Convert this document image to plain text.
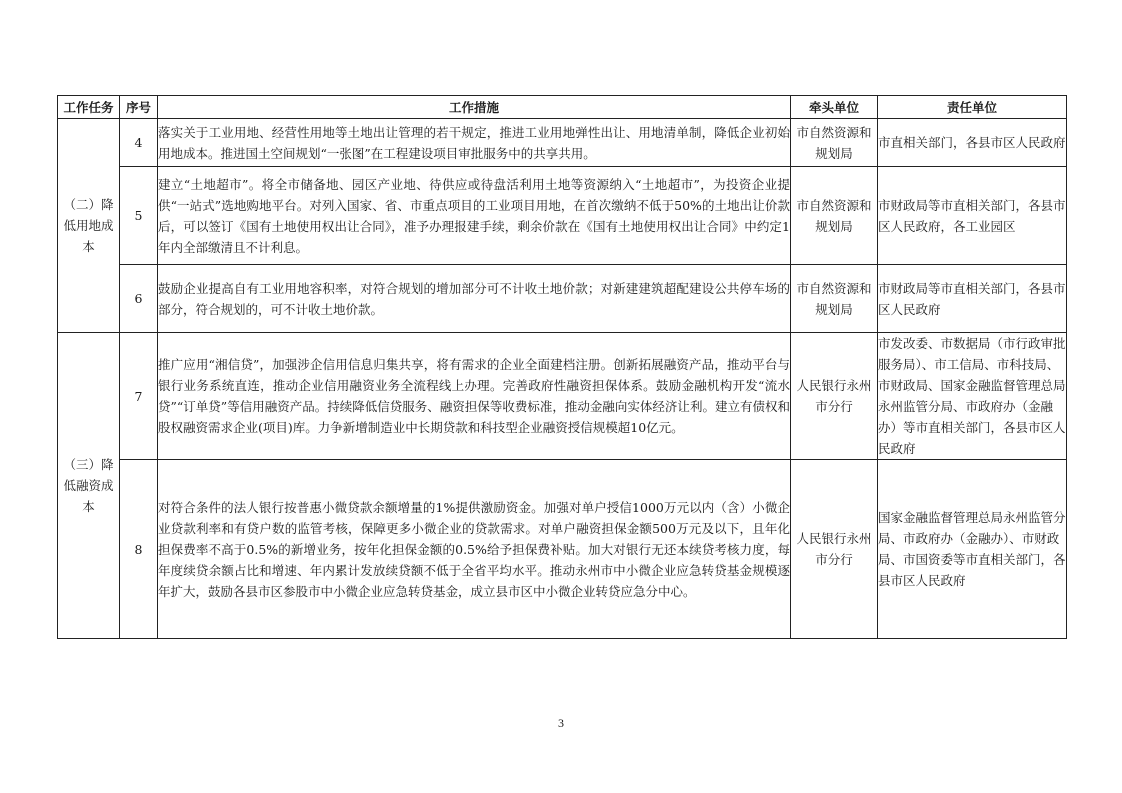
工作任务	序号	工作措施	牵头单位	责任单位
（二）降低用地成本	4	落实关于工业用地、经营性用地等土地出让管理的若干规定，推进工业用地弹性出让、用地清单制，降低企业初始用地成本。推进国土空间规划“一张图”在工程建设项目审批服务中的共享共用。	市自然资源和规划局	市直相关部门，各县市区人民政府
	5	建立“土地超市”。将全市储备地、园区产业地、待供应或待盘活利用土地等资源纳入“土地超市”，为投资企业提供“一站式”选地购地平台。对列入国家、省、市重点项目的工业项目用地，在首次缴纳不低于50%的土地出让价款后，可以签订《国有土地使用权出让合同》，准予办理报建手续，剩余价款在《国有土地使用权出让合同》中约定1年内全部缴清且不计利息。	市自然资源和规划局	市财政局等市直相关部门，各县市区人民政府，各工业园区
	6	鼓励企业提高自有工业用地容积率，对符合规划的增加部分可不计收土地价款；对新建建筑超配建设公共停车场的部分，符合规划的，可不计收土地价款。	市自然资源和规划局	市财政局等市直相关部门，各县市区人民政府
（三）降低融资成本	7	推广应用“湘信贷”，加强涉企信用信息归集共享，将有需求的企业全面建档注册。创新拓展融资产品，推动平台与银行业务系统直连，推动企业信用融资业务全流程线上办理。完善政府性融资担保体系。鼓励金融机构开发“流水贷”“订单贷”等信用融资产品。持续降低信贷服务、融资担保等收费标准，推动金融向实体经济让利。建立有债权和股权融资需求企业(项目)库。力争新增制造业中长期贷款和科技型企业融资授信规模超10亿元。	人民银行永州市分行	市发改委、市数据局（市行政审批服务局）、市工信局、市科技局、市财政局、国家金融监督管理总局永州监管分局、市政府办（金融办）等市直相关部门，各县市区人民政府
	8	对符合条件的法人银行按普惠小微贷款余额增量的1%提供激励资金。加强对单户授信1000万元以内（含）小微企业贷款利率和有贷户数的监管考核，保障更多小微企业的贷款需求。对单户融资担保金额500万元及以下，且年化担保费率不高于0.5%的新增业务，按年化担保金额的0.5%给予担保费补贴。加大对银行无还本续贷考核力度，每年度续贷余额占比和增速、年内累计发放续贷额不低于全省平均水平。推动永州市中小微企业应急转贷基金规模逐年扩大，鼓励各县市区参股市中小微企业应急转贷基金，成立县市区中小微企业转贷应急分中心。	人民银行永州市分行	国家金融监督管理总局永州监管分局、市政府办（金融办）、市财政局、市国资委等市直相关部门，各县市区人民政府
3
